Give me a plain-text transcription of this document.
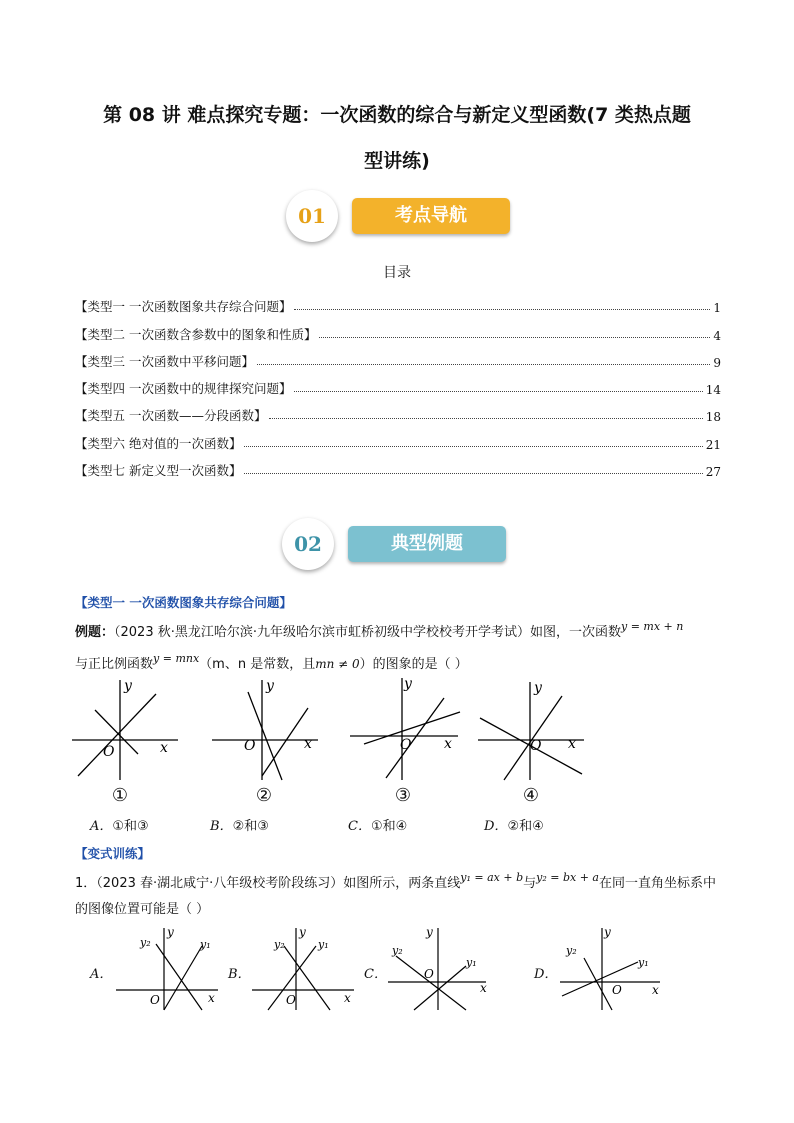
第 08 讲 难点探究专题：一次函数的综合与新定义型函数(7 类热点题
型讲练)
01	考点导航
目录
【类型一 一次函数图象共存综合问题】	1
【类型二 一次函数含参数中的图象和性质】	4
【类型三 一次函数中平移问题】	9
【类型四 一次函数中的规律探究问题】	14
【类型五 一次函数——分段函数】	18
【类型六 绝对值的一次函数】	21
【类型七 新定义型一次函数】	27
02	典型例题
【类型一 一次函数图象共存综合问题】
例题：（2023 秋·黑龙江哈尔滨·九年级哈尔滨市虹桥初级中学校校考开学考试）如图，一次函数$^{y = mx + n}$
与正比例函数$^{y = mnx}$（m、n 是常数，且mn ≠ 0）的图象的是（ ）
y
x
O
①
y
x
O
②
y
x
O
③
y
x
O
④
A．①和③	B．②和③	C．①和④	D．②和④
【变式训练】
1．（2023 春·湖北咸宁·八年级校考阶段练习）如图所示，两条直线$^{y_1 = ax + b}$与$^{y_2 = bx + a}$在同一直角坐标系中
的图像位置可能是（ ）
A．
y
x
O
y₂	y₁
B．
y
x
O
y₂	y₁
C．
y
x
O
y₂
y₁
D．
y
x
O
y₂
y₁
